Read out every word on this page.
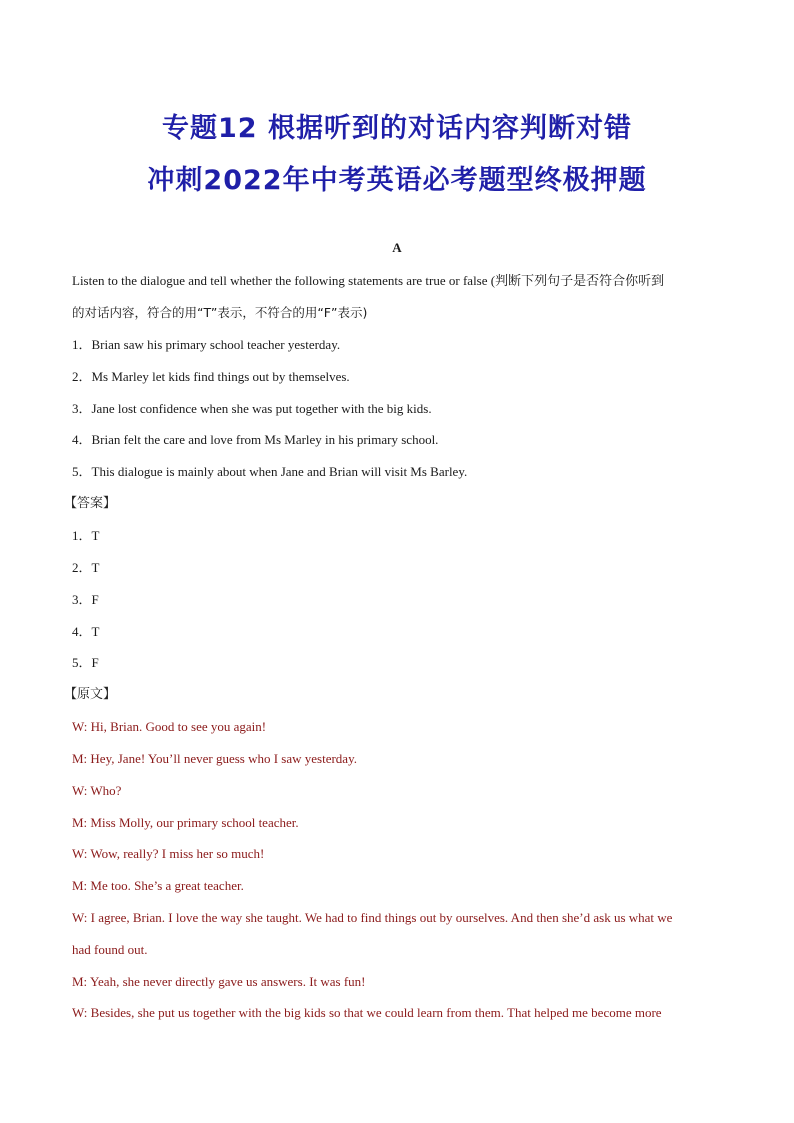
专题12 根据听到的对话内容判断对错
冲刺2022年中考英语必考题型终极押题
A
Listen to the dialogue and tell whether the following statements are true or false (判断下列句子是否符合你听到
的对话内容，符合的用“T”表示，不符合的用“F”表示)
1．Brian saw his primary school teacher yesterday.
2．Ms Marley let kids find things out by themselves.
3．Jane lost confidence when she was put together with the big kids.
4．Brian felt the care and love from Ms Marley in his primary school.
5．This dialogue is mainly about when Jane and Brian will visit Ms Barley.
【答案】
1．T
2．T
3．F
4．T
5．F
【原文】
W: Hi, Brian. Good to see you again!
M: Hey, Jane! You’ll never guess who I saw yesterday.
W: Who?
M: Miss Molly, our primary school teacher.
W: Wow, really? I miss her so much!
M: Me too. She’s a great teacher.
W: I agree, Brian. I love the way she taught. We had to find things out by ourselves. And then she’d ask us what we
had found out.
M: Yeah, she never directly gave us answers. It was fun!
W: Besides, she put us together with the big kids so that we could learn from them. That helped me become more
